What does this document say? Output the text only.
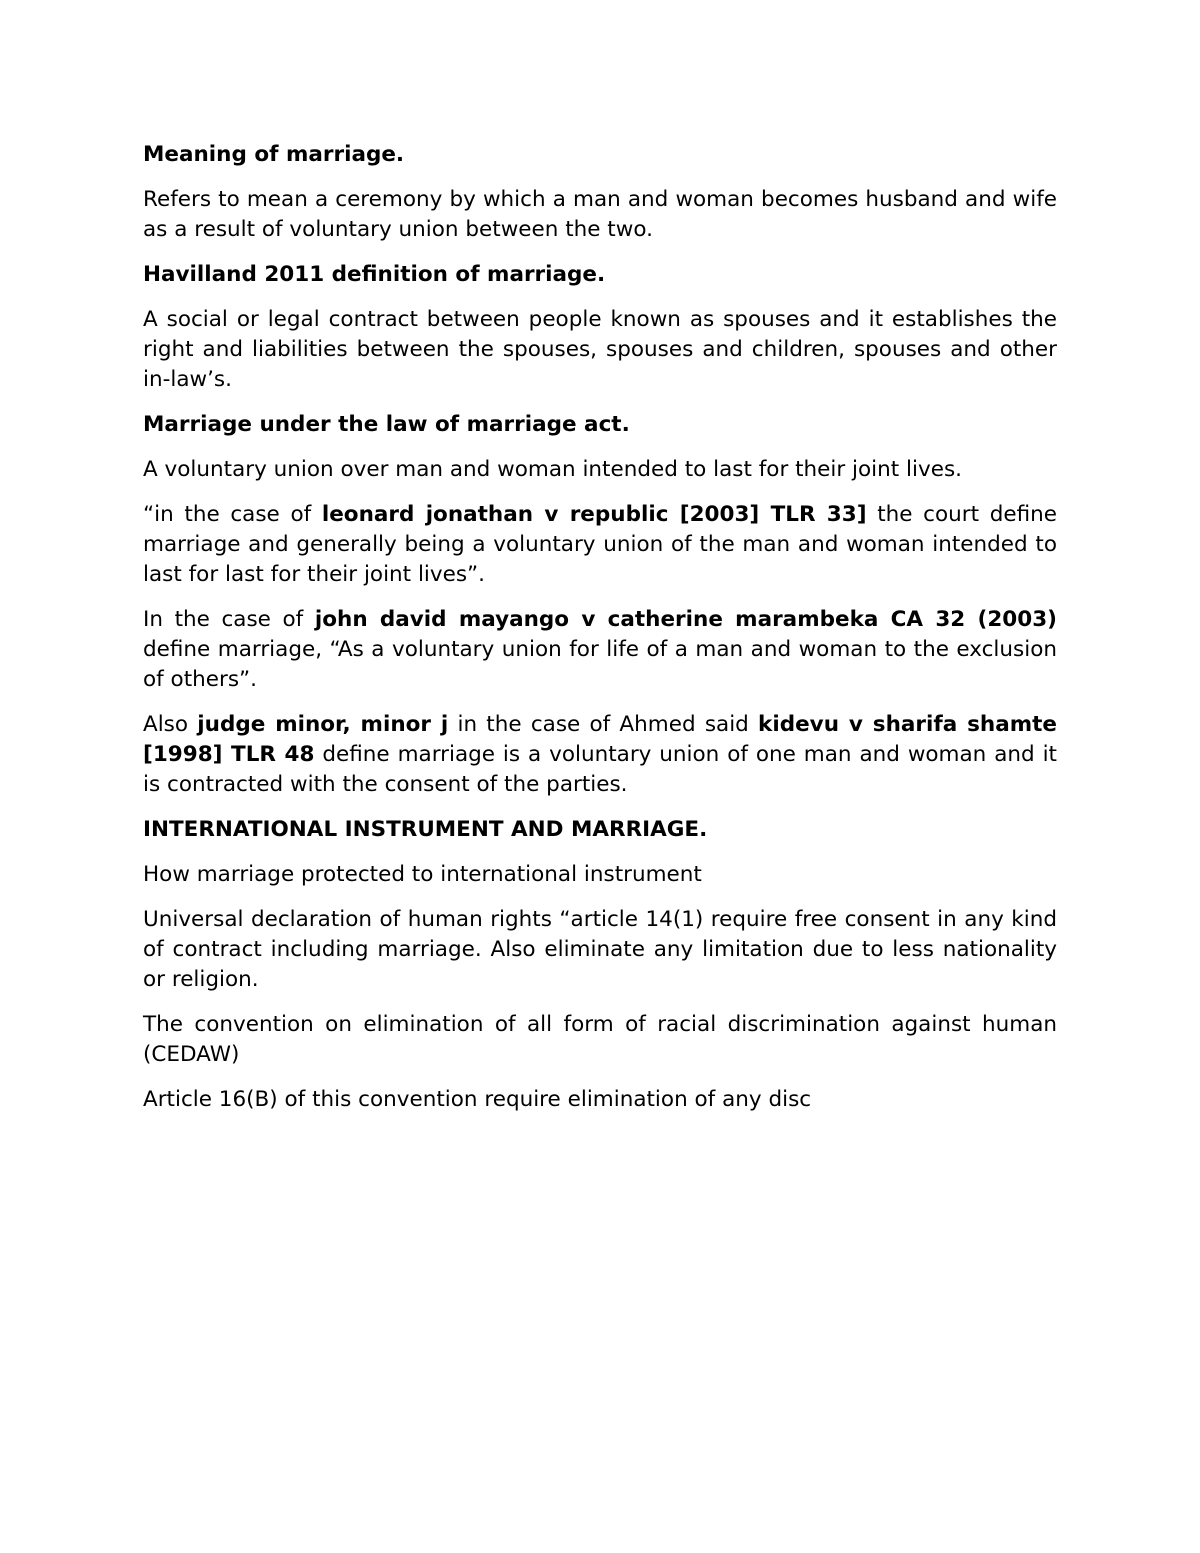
Meaning of marriage.

Refers to mean a ceremony by which a man and woman becomes husband and wife as a result of voluntary union between the two.

Havilland 2011 definition of marriage.

A social or legal contract between people known as spouses and it establishes the right and liabilities between the spouses, spouses and children, spouses and other in-law’s.

Marriage under the law of marriage act.

A voluntary union over man and woman intended to last for their joint lives.

“in the case of leonard jonathan v republic [2003] TLR 33] the court define marriage and generally being a voluntary union of the man and woman intended to last for last for their joint lives”.

In the case of john david mayango v catherine marambeka CA 32 (2003) define marriage, “As a voluntary union for life of a man and woman to the exclusion of others”.

Also judge minor, minor j in the case of Ahmed said kidevu v sharifa shamte [1998] TLR 48 define marriage is a voluntary union of one man and woman and it is contracted with the consent of the parties.

INTERNATIONAL INSTRUMENT AND MARRIAGE.

How marriage protected to international instrument

Universal declaration of human rights “article 14(1) require free consent in any kind of contract including marriage. Also eliminate any limitation due to less nationality or religion.

The convention on elimination of all form of racial discrimination against human (CEDAW)

Article 16(B) of this convention require elimination of any disc
